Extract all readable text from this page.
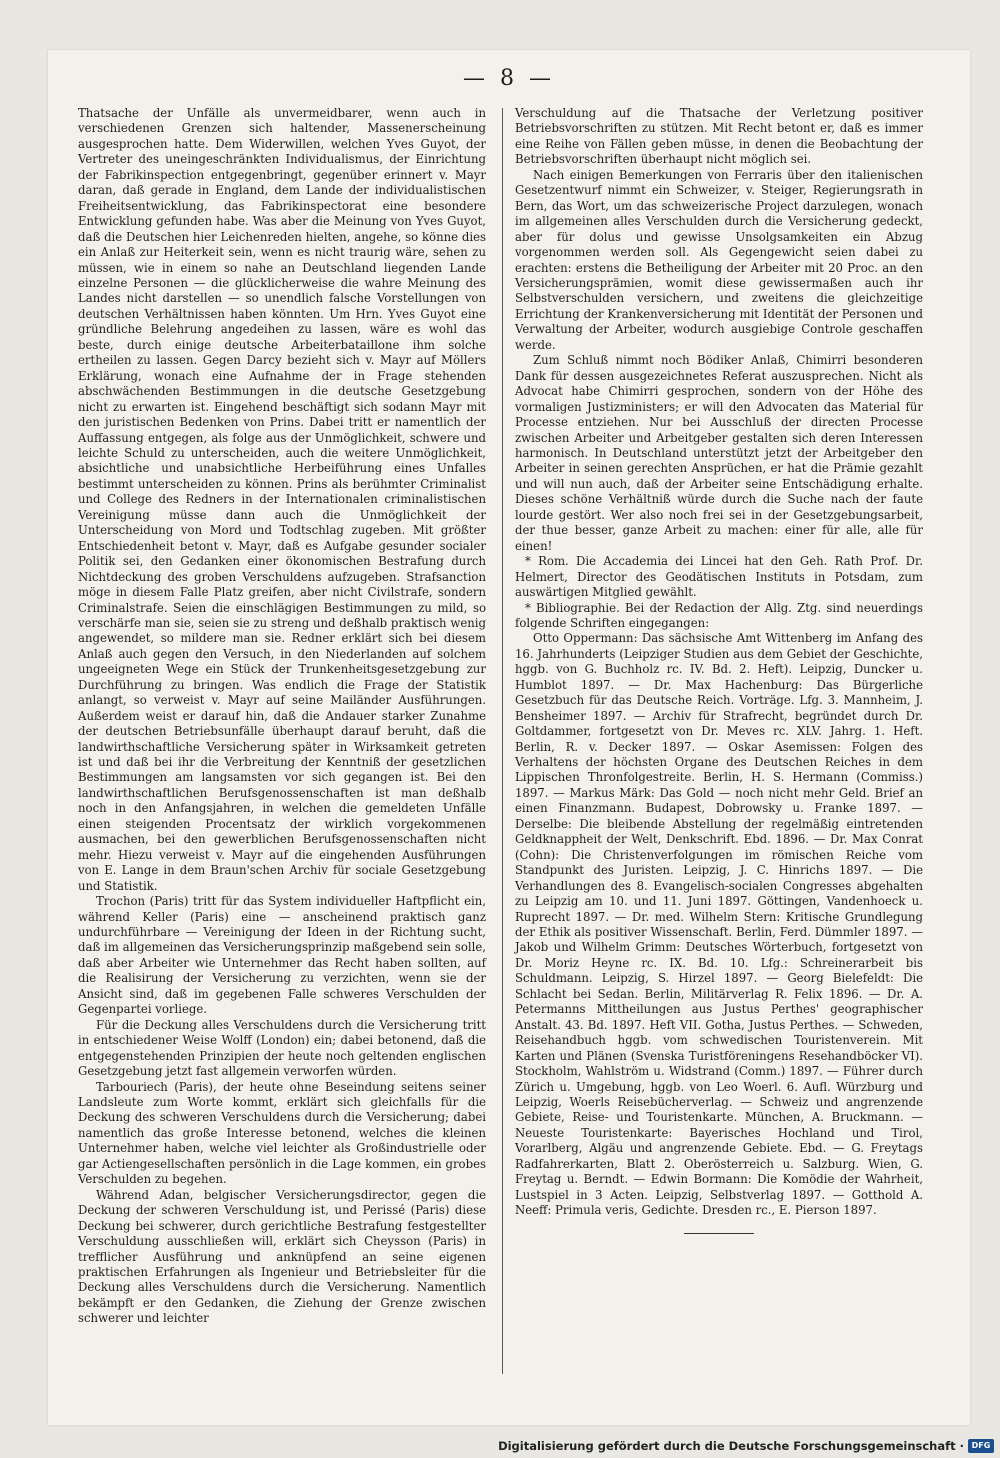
— 8 —

Thatsache der Unfälle als unvermeidbarer, wenn auch in verschiedenen Grenzen sich haltender, Massenerscheinung ausgesprochen hatte. Dem Widerwillen, welchen Yves Guyot, der Vertreter des uneingeschränkten Individualismus, der Einrichtung der Fabrikinspection entgegenbringt, gegenüber erinnert v. Mayr daran, daß gerade in England, dem Lande der individualistischen Freiheitsentwicklung, das Fabrikinspectorat eine besondere Entwicklung gefunden habe. Was aber die Meinung von Yves Guyot, daß die Deutschen hier Leichenreden hielten, angehe, so könne dies ein Anlaß zur Heiterkeit sein, wenn es nicht traurig wäre, sehen zu müssen, wie in einem so nahe an Deutschland liegenden Lande einzelne Personen — die glücklicherweise die wahre Meinung des Landes nicht darstellen — so unendlich falsche Vorstellungen von deutschen Verhältnissen haben könnten. Um Hrn. Yves Guyot eine gründliche Belehrung angedeihen zu lassen, wäre es wohl das beste, durch einige deutsche Arbeiterbataillone ihm solche ertheilen zu lassen. Gegen Darcy bezieht sich v. Mayr auf Möllers Erklärung, wonach eine Aufnahme der in Frage stehenden abschwächenden Bestimmungen in die deutsche Gesetzgebung nicht zu erwarten ist. Eingehend beschäftigt sich sodann Mayr mit den juristischen Bedenken von Prins. Dabei tritt er namentlich der Auffassung entgegen, als folge aus der Unmöglichkeit, schwere und leichte Schuld zu unterscheiden, auch die weitere Unmöglichkeit, absichtliche und unabsichtliche Herbeiführung eines Unfalles bestimmt unterscheiden zu können. Prins als berühmter Criminalist und College des Redners in der Internationalen criminalistischen Vereinigung müsse dann auch die Unmöglichkeit der Unterscheidung von Mord und Todtschlag zugeben. Mit größter Entschiedenheit betont v. Mayr, daß es Aufgabe gesunder socialer Politik sei, den Gedanken einer ökonomischen Bestrafung durch Nichtdeckung des groben Verschuldens aufzugeben. Strafsanction möge in diesem Falle Platz greifen, aber nicht Civilstrafe, sondern Criminalstrafe. Seien die einschlägigen Bestimmungen zu mild, so verschärfe man sie, seien sie zu streng und deßhalb praktisch wenig angewendet, so mildere man sie. Redner erklärt sich bei diesem Anlaß auch gegen den Versuch, in den Niederlanden auf solchem ungeeigneten Wege ein Stück der Trunkenheitsgesetzgebung zur Durchführung zu bringen. Was endlich die Frage der Statistik anlangt, so verweist v. Mayr auf seine Mailänder Ausführungen. Außerdem weist er darauf hin, daß die Andauer starker Zunahme der deutschen Betriebsunfälle überhaupt darauf beruht, daß die landwirthschaftliche Versicherung später in Wirksamkeit getreten ist und daß bei ihr die Verbreitung der Kenntniß der gesetzlichen Bestimmungen am langsamsten vor sich gegangen ist. Bei den landwirthschaftlichen Berufsgenossenschaften ist man deßhalb noch in den Anfangsjahren, in welchen die gemeldeten Unfälle einen steigenden Procentsatz der wirklich vorgekommenen ausmachen, bei den gewerblichen Berufsgenossenschaften nicht mehr. Hiezu verweist v. Mayr auf die eingehenden Ausführungen von E. Lange in dem Braun'schen Archiv für sociale Gesetzgebung und Statistik.

Trochon (Paris) tritt für das System individueller Haftpflicht ein, während Keller (Paris) eine — anscheinend praktisch ganz undurchführbare — Vereinigung der Ideen in der Richtung sucht, daß im allgemeinen das Versicherungsprinzip maßgebend sein solle, daß aber Arbeiter wie Unternehmer das Recht haben sollten, auf die Realisirung der Versicherung zu verzichten, wenn sie der Ansicht sind, daß im gegebenen Falle schweres Verschulden der Gegenpartei vorliege.

Für die Deckung alles Verschuldens durch die Versicherung tritt in entschiedener Weise Wolff (London) ein; dabei betonend, daß die entgegenstehenden Prinzipien der heute noch geltenden englischen Gesetzgebung jetzt fast allgemein verworfen würden.

Tarbouriech (Paris), der heute ohne Beseindung seitens seiner Landsleute zum Worte kommt, erklärt sich gleichfalls für die Deckung des schweren Verschuldens durch die Versicherung; dabei namentlich das große Interesse betonend, welches die kleinen Unternehmer haben, welche viel leichter als Großindustrielle oder gar Actiengesellschaften persönlich in die Lage kommen, ein grobes Verschulden zu begehen.

Während Adan, belgischer Versicherungsdirector, gegen die Deckung der schweren Verschuldung ist, und Perissé (Paris) diese Deckung bei schwerer, durch gerichtliche Bestrafung festgestellter Verschuldung ausschließen will, erklärt sich Cheysson (Paris) in trefflicher Ausführung und anknüpfend an seine eigenen praktischen Erfahrungen als Ingenieur und Betriebsleiter für die Deckung alles Verschuldens durch die Versicherung. Namentlich bekämpft er den Gedanken, die Ziehung der Grenze zwischen schwerer und leichter

Verschuldung auf die Thatsache der Verletzung positiver Betriebsvorschriften zu stützen. Mit Recht betont er, daß es immer eine Reihe von Fällen geben müsse, in denen die Beobachtung der Betriebsvorschriften überhaupt nicht möglich sei.

Nach einigen Bemerkungen von Ferraris über den italienischen Gesetzentwurf nimmt ein Schweizer, v. Steiger, Regierungsrath in Bern, das Wort, um das schweizerische Project darzulegen, wonach im allgemeinen alles Verschulden durch die Versicherung gedeckt, aber für dolus und gewisse Unsolgsamkeiten ein Abzug vorgenommen werden soll. Als Gegengewicht seien dabei zu erachten: erstens die Betheiligung der Arbeiter mit 20 Proc. an den Versicherungsprämien, womit diese gewissermaßen auch ihr Selbstverschulden versichern, und zweitens die gleichzeitige Errichtung der Krankenversicherung mit Identität der Personen und Verwaltung der Arbeiter, wodurch ausgiebige Controle geschaffen werde.

Zum Schluß nimmt noch Bödiker Anlaß, Chimirri besonderen Dank für dessen ausgezeichnetes Referat auszusprechen. Nicht als Advocat habe Chimirri gesprochen, sondern von der Höhe des vormaligen Justizministers; er will den Advocaten das Material für Processe entziehen. Nur bei Ausschluß der directen Processe zwischen Arbeiter und Arbeitgeber gestalten sich deren Interessen harmonisch. In Deutschland unterstützt jetzt der Arbeitgeber den Arbeiter in seinen gerechten Ansprüchen, er hat die Prämie gezahlt und will nun auch, daß der Arbeiter seine Entschädigung erhalte. Dieses schöne Verhältniß würde durch die Suche nach der faute lourde gestört. Wer also noch frei sei in der Gesetzgebungsarbeit, der thue besser, ganze Arbeit zu machen: einer für alle, alle für einen!

* Rom. Die Accademia dei Lincei hat den Geh. Rath Prof. Dr. Helmert, Director des Geodätischen Instituts in Potsdam, zum auswärtigen Mitglied gewählt.

* Bibliographie. Bei der Redaction der Allg. Ztg. sind neuerdings folgende Schriften eingegangen:

Otto Oppermann: Das sächsische Amt Wittenberg im Anfang des 16. Jahrhunderts (Leipziger Studien aus dem Gebiet der Geschichte, hggb. von G. Buchholz rc. IV. Bd. 2. Heft). Leipzig, Duncker u. Humblot 1897. — Dr. Max Hachenburg: Das Bürgerliche Gesetzbuch für das Deutsche Reich. Vorträge. Lfg. 3. Mannheim, J. Bensheimer 1897. — Archiv für Strafrecht, begründet durch Dr. Goltdammer, fortgesetzt von Dr. Meves rc. XLV. Jahrg. 1. Heft. Berlin, R. v. Decker 1897. — Oskar Asemissen: Folgen des Verhaltens der höchsten Organe des Deutschen Reiches in dem Lippischen Thronfolgestreite. Berlin, H. S. Hermann (Commiss.) 1897. — Markus Märk: Das Gold — noch nicht mehr Geld. Brief an einen Finanzmann. Budapest, Dobrowsky u. Franke 1897. — Derselbe: Die bleibende Abstellung der regelmäßig eintretenden Geldknappheit der Welt, Denkschrift. Ebd. 1896. — Dr. Max Conrat (Cohn): Die Christenverfolgungen im römischen Reiche vom Standpunkt des Juristen. Leipzig, J. C. Hinrichs 1897. — Die Verhandlungen des 8. Evangelisch-socialen Congresses abgehalten zu Leipzig am 10. und 11. Juni 1897. Göttingen, Vandenhoeck u. Ruprecht 1897. — Dr. med. Wilhelm Stern: Kritische Grundlegung der Ethik als positiver Wissenschaft. Berlin, Ferd. Dümmler 1897. — Jakob und Wilhelm Grimm: Deutsches Wörterbuch, fortgesetzt von Dr. Moriz Heyne rc. IX. Bd. 10. Lfg.: Schreinerarbeit bis Schuldmann. Leipzig, S. Hirzel 1897. — Georg Bielefeldt: Die Schlacht bei Sedan. Berlin, Militärverlag R. Felix 1896. — Dr. A. Petermanns Mittheilungen aus Justus Perthes' geographischer Anstalt. 43. Bd. 1897. Heft VII. Gotha, Justus Perthes. — Schweden, Reisehandbuch hggb. vom schwedischen Touristenverein. Mit Karten und Plänen (Svenska Turistföreningens Resehandböcker VI). Stockholm, Wahlström u. Widstrand (Comm.) 1897. — Führer durch Zürich u. Umgebung, hggb. von Leo Woerl. 6. Aufl. Würzburg und Leipzig, Woerls Reisebücherverlag. — Schweiz und angrenzende Gebiete, Reise- und Touristenkarte. München, A. Bruckmann. — Neueste Touristenkarte: Bayerisches Hochland und Tirol, Vorarlberg, Algäu und angrenzende Gebiete. Ebd. — G. Freytags Radfahrerkarten, Blatt 2. Oberösterreich u. Salzburg. Wien, G. Freytag u. Berndt. — Edwin Bormann: Die Komödie der Wahrheit, Lustspiel in 3 Acten. Leipzig, Selbstverlag 1897. — Gotthold A. Neeff: Primula veris, Gedichte. Dresden rc., E. Pierson 1897.

Digitalisierung gefördert durch die Deutsche Forschungsgemeinschaft · DFG
